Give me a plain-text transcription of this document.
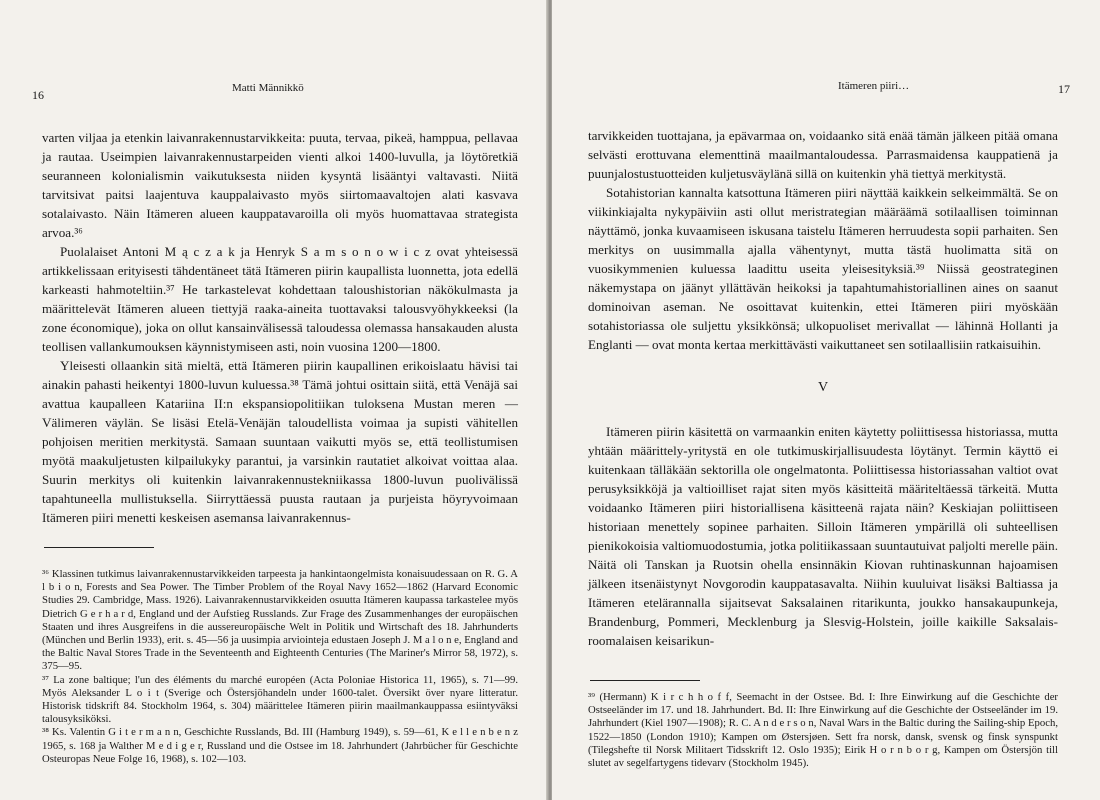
16	Matti Männikkö

varten viljaa ja etenkin laivanrakennustarvikkeita: puuta, tervaa, pikeä, hamppua, pellavaa ja rautaa. Useimpien laivanrakennustarpeiden vienti alkoi 1400-luvulla, ja löytöretkiä seuranneen kolonialismin vaikutuksesta niiden kysyntä lisääntyi valtavasti. Niitä tarvitsivat paitsi laajentuva kauppalaivasto myös siirtomaavaltojen alati kasvava sotalaivasto. Näin Itämeren alueen kauppatavaroilla oli myös huomattavaa strategista arvoa.³⁶

Puolalaiset Antoni M ą c z a k ja Henryk S a m s o n o w i c z ovat yhteisessä artikkelissaan erityisesti tähdentäneet tätä Itämeren piirin kaupallista luonnetta, jota edellä karkeasti hahmoteltiin.³⁷ He tarkastelevat kohdettaan taloushistorian näkökulmasta ja määrittelevät Itämeren alueen tiettyjä raaka-aineita tuottavaksi talousvyöhykkeeksi (la zone économique), joka on ollut kansainvälisessä taloudessa olemassa hansakauden alusta teollisen vallankumouksen käynnistymiseen asti, noin vuosina 1200—1800.

Yleisesti ollaankin sitä mieltä, että Itämeren piirin kaupallinen erikoislaatu hävisi tai ainakin pahasti heikentyi 1800-luvun kuluessa.³⁸ Tämä johtui osittain siitä, että Venäjä sai avattua kaupalleen Katariina II:n ekspansiopolitiikan tuloksena Mustan meren — Välimeren väylän. Se lisäsi Etelä-Venäjän taloudellista voimaa ja supisti vähitellen pohjoisen meritien merkitystä. Samaan suuntaan vaikutti myös se, että teollistumisen myötä maakuljetusten kilpailukyky parantui, ja varsinkin rautatiet alkoivat voittaa alaa. Suurin merkitys oli kuitenkin laivanrakennustekniikassa 1800-luvun puolivälissä tapahtuneella mullistuksella. Siirryttäessä puusta rautaan ja purjeista höyryvoimaan Itämeren piiri menetti keskeisen asemansa laivanrakennus-

³⁶ Klassinen tutkimus laivanrakennustarvikkeiden tarpeesta ja hankintaongelmista konaisuudessaan on R. G. A l b i o n, Forests and Sea Power. The Timber Problem of the Royal Navy 1652—1862 (Harvard Economic Studies 29. Cambridge, Mass. 1926). Laivanrakennustarvikkeiden osuutta Itämeren kaupassa tarkastelee myös Dietrich G e r h a r d, England und der Aufstieg Russlands. Zur Frage des Zusammenhanges der europäischen Staaten und ihres Ausgreifens in die aussereuropäische Welt in Politik und Wirtschaft des 18. Jahrhunderts (München und Berlin 1933), erit. s. 45—56 ja uusimpia arviointeja edustaen Joseph J. M a l o n e, England and the Baltic Naval Stores Trade in the Seventeenth and Eighteenth Centuries (The Mariner's Mirror 58, 1972), s. 375—95.

³⁷ La zone baltique; l'un des éléments du marché européen (Acta Poloniae Historica 11, 1965), s. 71—99. Myös Aleksander L o i t (Sverige och Östersjöhandeln under 1600-talet. Översikt över nyare litteratur. Historisk tidskrift 84. Stockholm 1964, s. 304) määrittelee Itämeren piirin maailmankauppassa esiintyväksi talousyksiköksi.

³⁸ Ks. Valentin G i t e r m a n n, Geschichte Russlands, Bd. III (Hamburg 1949), s. 59—61, K e l l e n b e n z 1965, s. 168 ja Walther M e d i g e r, Russland und die Ostsee im 18. Jahrhundert (Jahrbücher für Geschichte Osteuropas Neue Folge 16, 1968), s. 102—103.

Itämeren piiri…	17

tarvikkeiden tuottajana, ja epävarmaa on, voidaanko sitä enää tämän jälkeen pitää omana selvästi erottuvana elementtinä maailmantaloudessa. Parrasmaidensa kauppatienä ja puunjalostustuotteiden kuljetusväylänä sillä on kuitenkin yhä tiettyä merkitystä.

Sotahistorian kannalta katsottuna Itämeren piiri näyttää kaikkein selkeimmältä. Se on viikinkiajalta nykypäiviin asti ollut meristrategian määräämä sotilaallisen toiminnan näyttämö, jonka kuvaamiseen iskusana taistelu Itämeren herruudesta sopii parhaiten. Sen merkitys on uusimmalla ajalla vähentynyt, mutta tästä huolimatta sitä on vuosikymmenien kuluessa laadittu useita yleisesityksiä.³⁹ Niissä geostrateginen näkemystapa on jäänyt yllättävän heikoksi ja tapahtumahistoriallinen aines on saanut dominoivan aseman. Ne osoittavat kuitenkin, ettei Itämeren piiri myöskään sotahistoriassa ole suljettu yksikkönsä; ulkopuoliset merivallat — lähinnä Hollanti ja Englanti — ovat monta kertaa merkittävästi vaikuttaneet sen sotilaallisiin ratkaisuihin.

V

Itämeren piirin käsitettä on varmaankin eniten käytetty poliittisessa historiassa, mutta yhtään määrittely-yritystä en ole tutkimuskirjallisuudesta löytänyt. Termin käyttö ei kuitenkaan tälläkään sektorilla ole ongelmatonta. Poliittisessa historiassahan valtiot ovat perusyksikköjä ja valtioilliset rajat siten myös käsitteitä määriteltäessä tärkeitä. Mutta voidaanko Itämeren piiri historiallisena käsitteenä rajata näin? Keskiajan poliittiseen historiaan menettely sopinee parhaiten. Silloin Itämeren ympärillä oli suhteellisen pienikokoisia valtiomuodostumia, jotka politiikassaan suuntautuivat paljolti merelle päin. Näitä oli Tanskan ja Ruotsin ohella ensinnäkin Kiovan ruhtinaskunnan hajoamisen jälkeen itsenäistynyt Novgorodin kauppatasavalta. Niihin kuuluivat lisäksi Baltiassa ja Itämeren etelärannalla sijaitsevat Saksalainen ritarikunta, joukko hansakaupunkeja, Brandenburg, Pommeri, Mecklenburg ja Slesvig-Holstein, joille kaikille Saksalais-roomalaisen keisarikun-

³⁹ (Hermann) K i r c h h o f f, Seemacht in der Ostsee. Bd. I: Ihre Einwirkung auf die Geschichte der Ostseeländer im 17. und 18. Jahrhundert. Bd. II: Ihre Einwirkung auf die Geschichte der Ostseeländer im 19. Jahrhundert (Kiel 1907—1908); R. C. A n d e r s o n, Naval Wars in the Baltic during the Sailing-ship Epoch, 1522—1850 (London 1910); Kampen om Østersjøen. Sett fra norsk, dansk, svensk og finsk synspunkt (Tilegshefte til Norsk Militaert Tidsskrift 12. Oslo 1935); Eirik H o r n b o r g, Kampen om Östersjön till slutet av segelfartygens tidevarv (Stockholm 1945).
